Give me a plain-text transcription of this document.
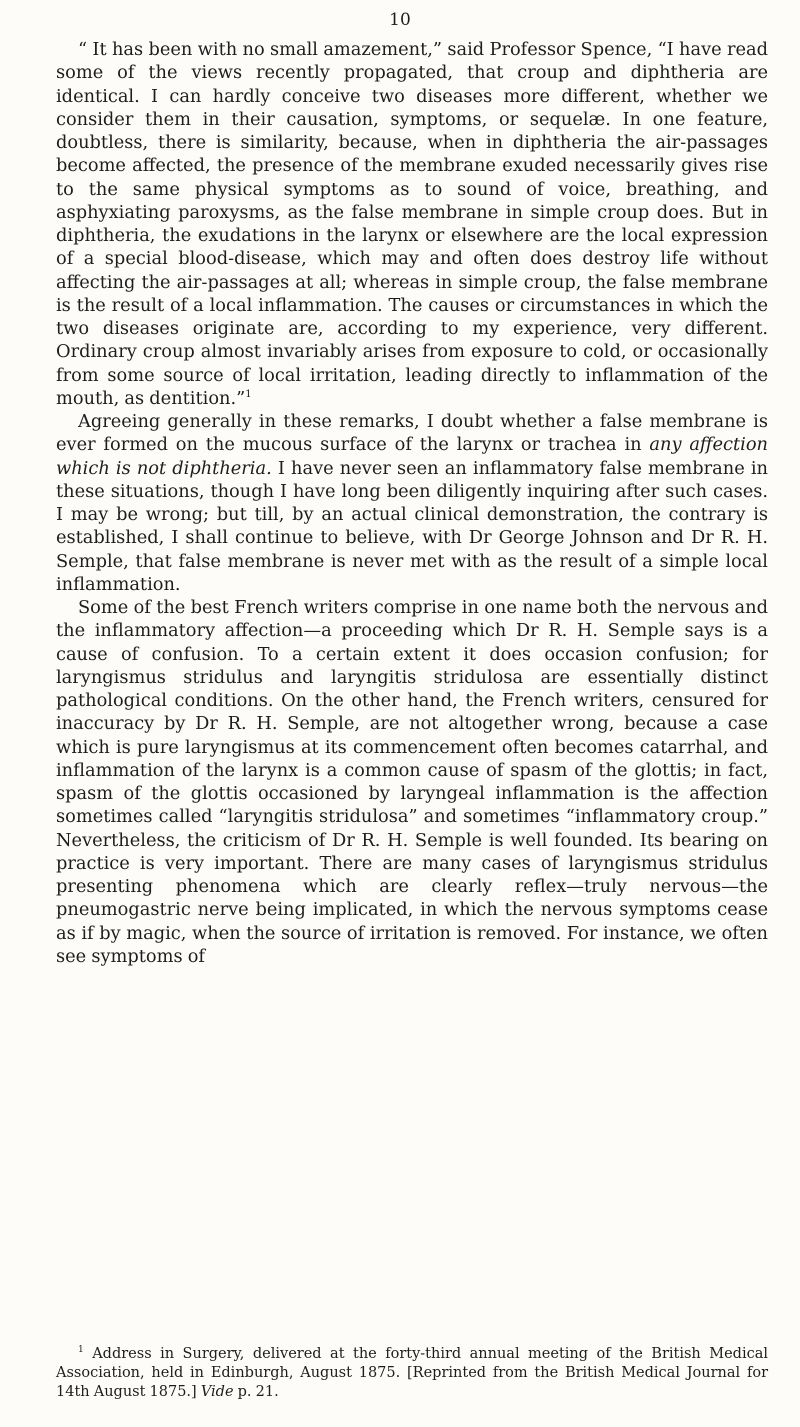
10

“ It has been with no small amazement,” said Professor Spence, “I have read some of the views recently propagated, that croup and diphtheria are identical. I can hardly conceive two diseases more different, whether we consider them in their causation, symptoms, or sequelæ. In one feature, doubtless, there is similarity, because, when in diphtheria the air-passages become affected, the presence of the membrane exuded necessarily gives rise to the same physical symptoms as to sound of voice, breathing, and asphyxiating paroxysms, as the false membrane in simple croup does. But in diphtheria, the exudations in the larynx or elsewhere are the local expression of a special blood-disease, which may and often does destroy life without affecting the air-passages at all; whereas in simple croup, the false membrane is the result of a local inflammation. The causes or circumstances in which the two diseases originate are, according to my experience, very different. Ordinary croup almost invariably arises from exposure to cold, or occasionally from some source of local irritation, leading directly to inflammation of the mouth, as dentition.”$^1$

Agreeing generally in these remarks, I doubt whether a false membrane is ever formed on the mucous surface of the larynx or trachea in any affection which is not diphtheria. I have never seen an inflammatory false membrane in these situations, though I have long been diligently inquiring after such cases. I may be wrong; but till, by an actual clinical demonstration, the contrary is established, I shall continue to believe, with Dr George Johnson and Dr R. H. Semple, that false membrane is never met with as the result of a simple local inflammation.

Some of the best French writers comprise in one name both the nervous and the inflammatory affection—a proceeding which Dr R. H. Semple says is a cause of confusion. To a certain extent it does occasion confusion; for laryngismus stridulus and laryngitis stridulosa are essentially distinct pathological conditions. On the other hand, the French writers, censured for inaccuracy by Dr R. H. Semple, are not altogether wrong, because a case which is pure laryngismus at its commencement often becomes catarrhal, and inflammation of the larynx is a common cause of spasm of the glottis; in fact, spasm of the glottis occasioned by laryngeal inflammation is the affection sometimes called “laryngitis stridulosa” and sometimes “inflammatory croup.” Nevertheless, the criticism of Dr R. H. Semple is well founded. Its bearing on practice is very important. There are many cases of laryngismus stridulus presenting phenomena which are clearly reflex—truly nervous—the pneumogastric nerve being implicated, in which the nervous symptoms cease as if by magic, when the source of irritation is removed. For instance, we often see symptoms of

$^1$ Address in Surgery, delivered at the forty-third annual meeting of the British Medical Association, held in Edinburgh, August 1875. [Reprinted from the British Medical Journal for 14th August 1875.] Vide p. 21.
